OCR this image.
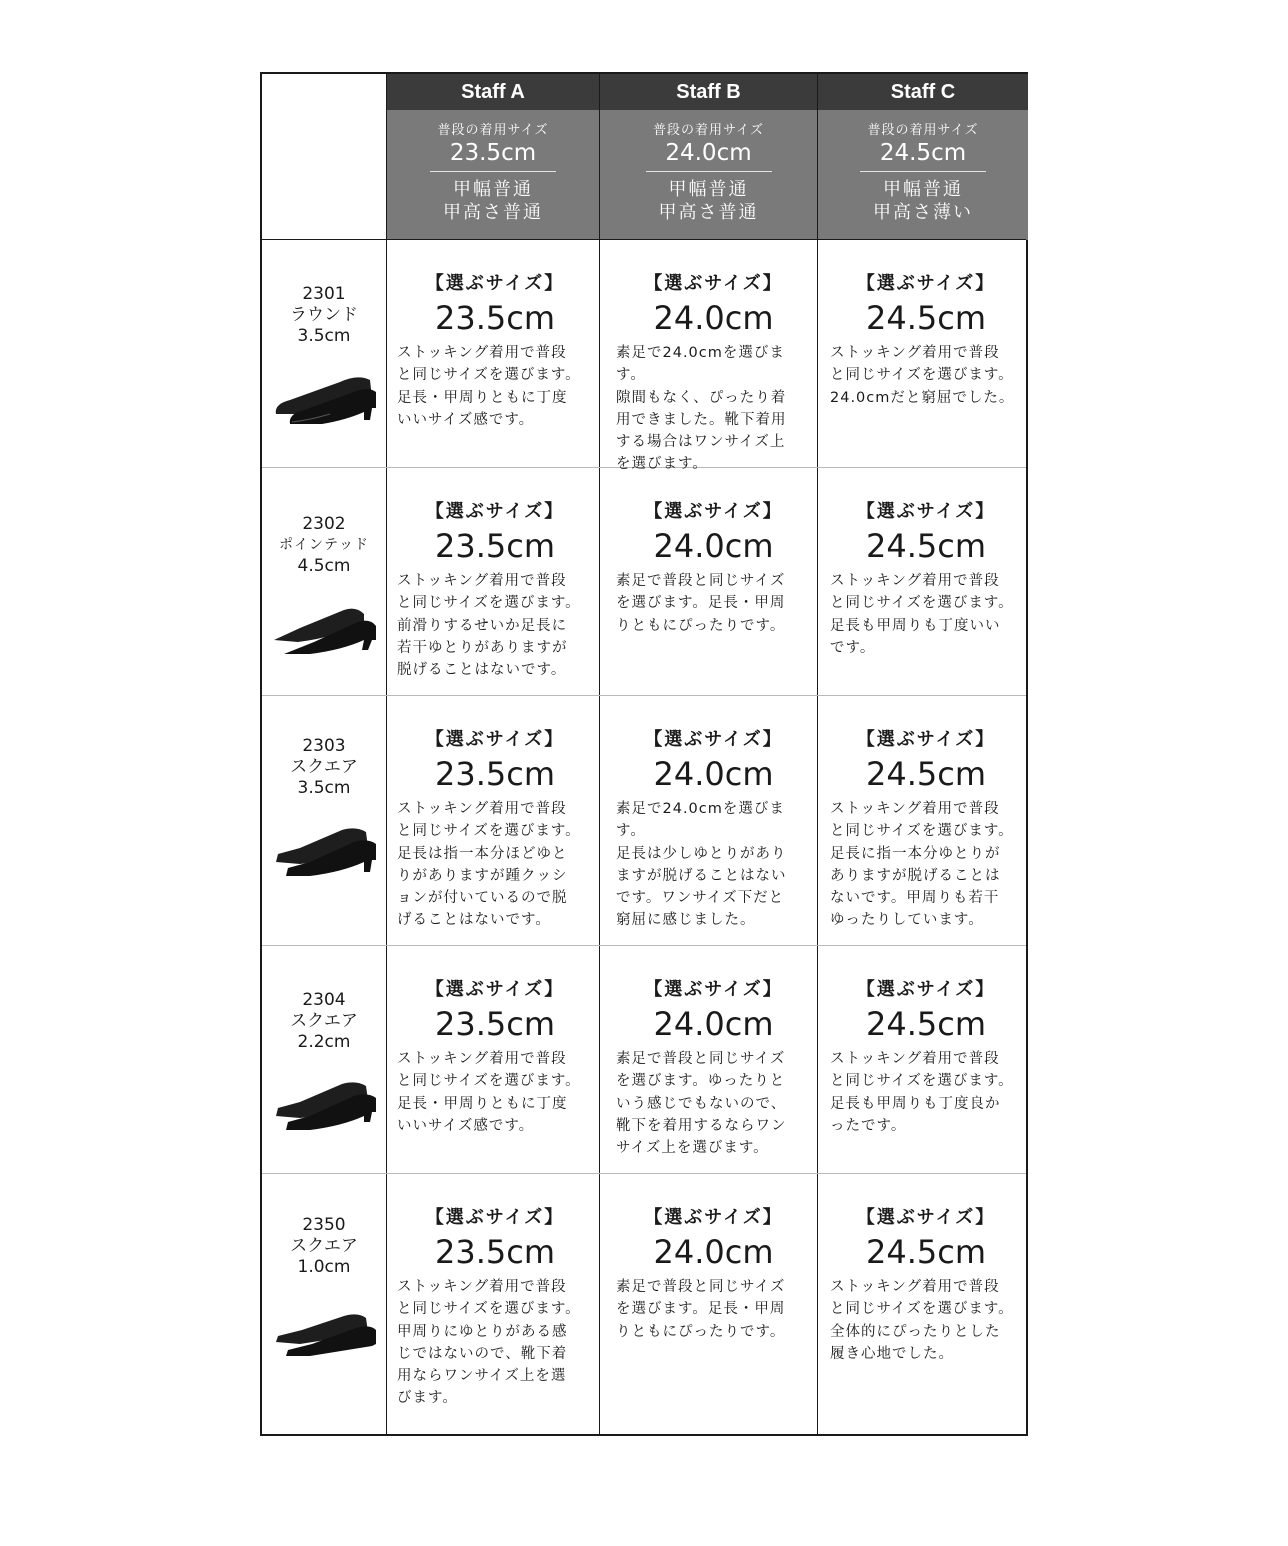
Staff A	Staff B	Staff C
普段の着用サイズ
23.5cm
甲幅普通
甲高さ普通
普段の着用サイズ
24.0cm
甲幅普通
甲高さ普通
普段の着用サイズ
24.5cm
甲幅普通
甲高さ薄い
2301
ラウンド
3.5cm
【選ぶサイズ】
23.5cm
ストッキング着用で普段
と同じサイズを選びます。
足長・甲周りともに丁度
いいサイズ感です。
【選ぶサイズ】
24.0cm
素足で24.0cmを選びます。
隙間もなく、ぴったり着
用できました。靴下着用
する場合はワンサイズ上
を選びます。
【選ぶサイズ】
24.5cm
ストッキング着用で普段
と同じサイズを選びます。
24.0cmだと窮屈でした。
2302
ポインテッド
4.5cm
【選ぶサイズ】
23.5cm
ストッキング着用で普段
と同じサイズを選びます。
前滑りするせいか足長に
若干ゆとりがありますが
脱げることはないです。
【選ぶサイズ】
24.0cm
素足で普段と同じサイズ
を選びます。足長・甲周
りともにぴったりです。
【選ぶサイズ】
24.5cm
ストッキング着用で普段
と同じサイズを選びます。
足長も甲周りも丁度いい
です。
2303
スクエア
3.5cm
【選ぶサイズ】
23.5cm
ストッキング着用で普段
と同じサイズを選びます。
足長は指一本分ほどゆと
りがありますが踵クッシ
ョンが付いているので脱
げることはないです。
【選ぶサイズ】
24.0cm
素足で24.0cmを選びます。
足長は少しゆとりがあり
ますが脱げることはない
です。ワンサイズ下だと
窮屈に感じました。
【選ぶサイズ】
24.5cm
ストッキング着用で普段
と同じサイズを選びます。
足長に指一本分ゆとりが
ありますが脱げることは
ないです。甲周りも若干
ゆったりしています。
2304
スクエア
2.2cm
【選ぶサイズ】
23.5cm
ストッキング着用で普段
と同じサイズを選びます。
足長・甲周りともに丁度
いいサイズ感です。
【選ぶサイズ】
24.0cm
素足で普段と同じサイズ
を選びます。ゆったりと
いう感じでもないので、
靴下を着用するならワン
サイズ上を選びます。
【選ぶサイズ】
24.5cm
ストッキング着用で普段
と同じサイズを選びます。
足長も甲周りも丁度良か
ったです。
2350
スクエア
1.0cm
【選ぶサイズ】
23.5cm
ストッキング着用で普段
と同じサイズを選びます。
甲周りにゆとりがある感
じではないので、靴下着
用ならワンサイズ上を選
びます。
【選ぶサイズ】
24.0cm
素足で普段と同じサイズ
を選びます。足長・甲周
りともにぴったりです。
【選ぶサイズ】
24.5cm
ストッキング着用で普段
と同じサイズを選びます。
全体的にぴったりとした
履き心地でした。
